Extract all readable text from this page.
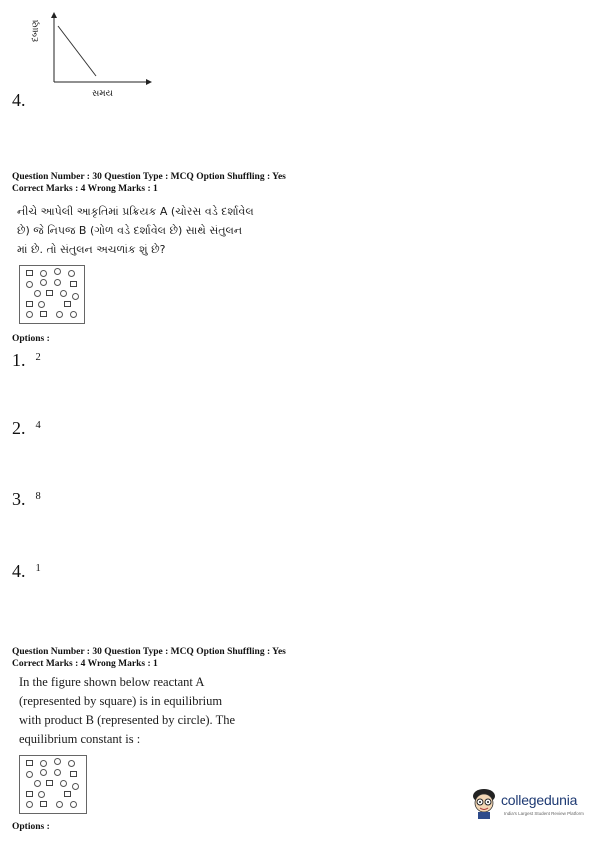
દબાણ
સમય
4.
Question Number : 30 Question Type : MCQ Option Shuffling : Yes
Correct Marks : 4 Wrong Marks : 1
નીચે આપેલી આકૃતિમાં પ્રક્રિયક A (ચોરસ વડે દર્શાવેલ
છે) જે નિપજ B (ગોળ વડે દર્શાવેલ છે) સાથે સંતુલન
માં છે. તો સંતુલન અચળાંક શું છે?
Options :
1. $^2$
2. $^4$
3. $^8$
4. $^1$
Question Number : 30 Question Type : MCQ Option Shuffling : Yes
Correct Marks : 4 Wrong Marks : 1
In the figure shown below reactant A
(represented by square) is in equilibrium
with product B (represented by circle). The
equilibrium constant is :
Options :
collegedunia
India's Largest Student Review Platform
